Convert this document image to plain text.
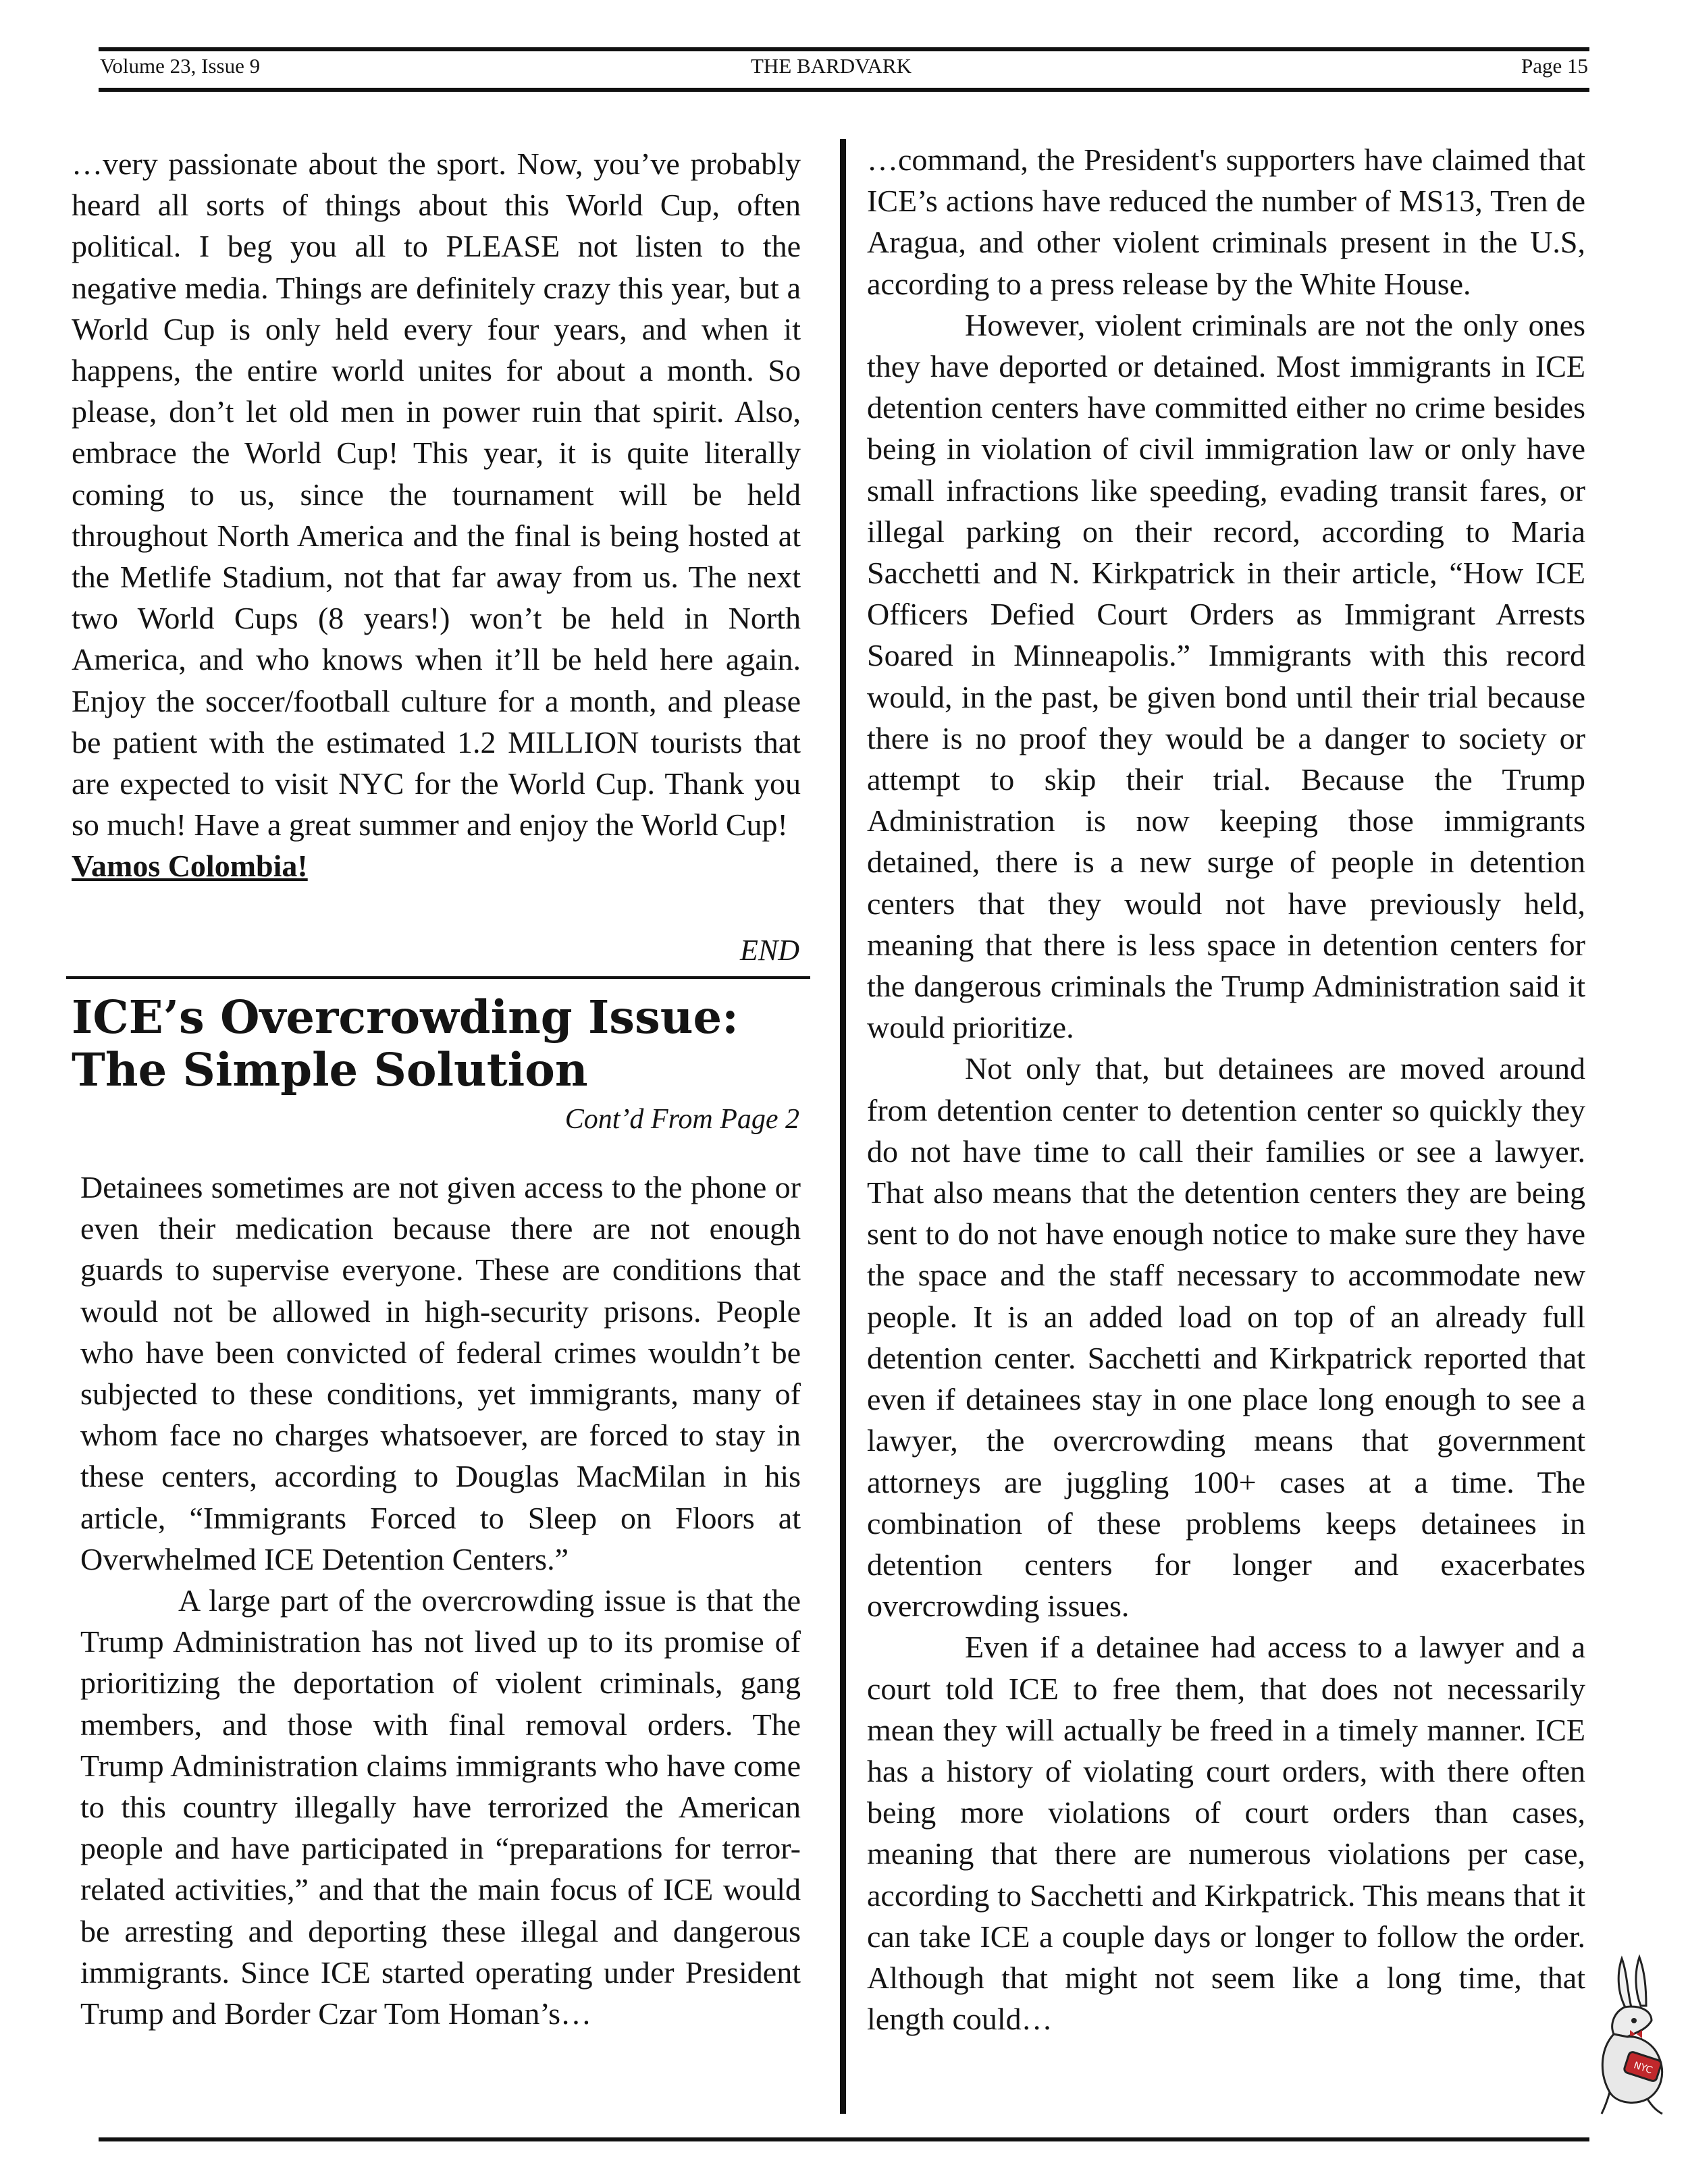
Volume 23, Issue 9	THE BARDVARK	Page 15

…very passionate about the sport. Now, you’ve probably heard all sorts of things about this World Cup, often political. I beg you all to PLEASE not listen to the negative media. Things are definitely crazy this year, but a World Cup is only held every four years, and when it happens, the entire world unites for about a month. So please, don’t let old men in power ruin that spirit. Also, embrace the World Cup! This year, it is quite literally coming to us, since the tournament will be held throughout North America and the final is being hosted at the Metlife Stadium, not that far away from us. The next two World Cups (8 years!) won’t be held in North America, and who knows when it’ll be held here again. Enjoy the soccer/football culture for a month, and please be patient with the estimated 1.2 MILLION tourists that are expected to visit NYC for the World Cup. Thank you so much! Have a great summer and enjoy the World Cup!

Vamos Colombia!
END
ICE’s Overcrowding Issue: The Simple Solution
Cont’d From Page 2

Detainees sometimes are not given access to the phone or even their medication because there are not enough guards to supervise everyone. These are conditions that would not be allowed in high-security prisons. People who have been convicted of federal crimes wouldn’t be subjected to these conditions, yet immigrants, many of whom face no charges whatsoever, are forced to stay in these centers, according to Douglas MacMilan in his article, “Immigrants Forced to Sleep on Floors at Overwhelmed ICE Detention Centers.”

A large part of the overcrowding issue is that the Trump Administration has not lived up to its promise of prioritizing the deportation of violent criminals, gang members, and those with final removal orders. The Trump Administration claims immigrants who have come to this country illegally have terrorized the American people and have participated in “preparations for terror-related activities,” and that the main focus of ICE would be arresting and deporting these illegal and dangerous immigrants. Since ICE started operating under President Trump and Border Czar Tom Homan’s…

…command, the President's supporters have claimed that ICE’s actions have reduced the number of MS13, Tren de Aragua, and other violent criminals present in the U.S, according to a press release by the White House.

However, violent criminals are not the only ones they have deported or detained. Most immigrants in ICE detention centers have committed either no crime besides being in violation of civil immigration law or only have small infractions like speeding, evading transit fares, or illegal parking on their record, according to Maria Sacchetti and N. Kirkpatrick in their article, “How ICE Officers Defied Court Orders as Immigrant Arrests Soared in Minneapolis.” Immigrants with this record would, in the past, be given bond until their trial because there is no proof they would be a danger to society or attempt to skip their trial. Because the Trump Administration is now keeping those immigrants detained, there is a new surge of people in detention centers that they would not have previously held, meaning that there is less space in detention centers for the dangerous criminals the Trump Administration said it would prioritize.

Not only that, but detainees are moved around from detention center to detention center so quickly they do not have time to call their families or see a lawyer. That also means that the detention centers they are being sent to do not have enough notice to make sure they have the space and the staff necessary to accommodate new people. It is an added load on top of an already full detention center. Sacchetti and Kirkpatrick reported that even if detainees stay in one place long enough to see a lawyer, the overcrowding means that government attorneys are juggling 100+ cases at a time. The combination of these problems keeps detainees in detention centers for longer and exacerbates overcrowding issues.

Even if a detainee had access to a lawyer and a court told ICE to free them, that does not necessarily mean they will actually be freed in a timely manner. ICE has a history of violating court orders, with there often being more violations of court orders than cases, meaning that there are numerous violations per case, according to Sacchetti and Kirkpatrick. This means that it can take ICE a couple days or longer to follow the order. Although that might not seem like a long time, that length could…

NYC
